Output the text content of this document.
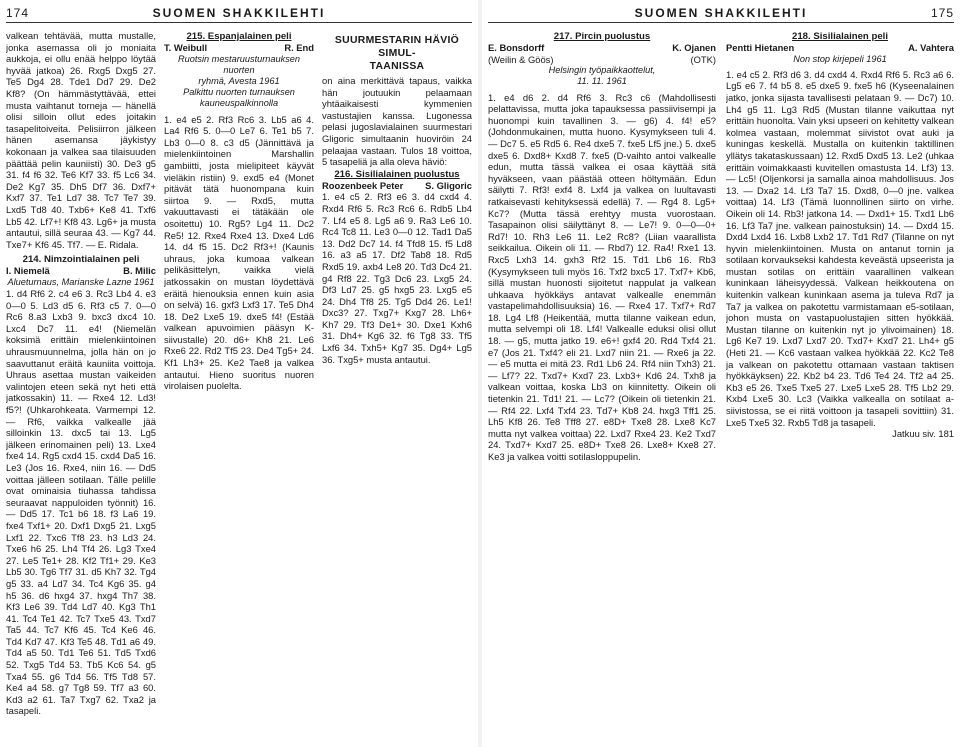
174	SUOMEN SHAKKILEHTI

valkean tehtävää, mutta mustalle, jonka asemassa oli jo moniaita aukkoja, ei ollu enää helppo löytää hyvää jatkoa) 26. Rxg5 Dxg5 27. Te5 Dg4 28. Tde1 Dd7 29. De2 Kf8? (On hämmästyttävää, ettei musta vaihtanut torneja — hänellä olisi silloin ollut edes joitakin tasapelitoiveita. Pelisiirron jälkeen hänen asemansa jäykistyy kokonaan ja valkea saa tilaisuuden päättää pelin kauniisti) 30. De3 g5 31. f4 f6 32. Te6 Kf7 33. f5 Lc6 34. De2 Kg7 35. Dh5 Df7 36. Dxf7+ Kxf7 37. Te1 Ld7 38. Tc7 Te7 39. Lxd5 Td8 40. Txb6+ Ke8 41. Txf6 Lb5 42. Lf7+! Kf8 43. Lg6+ ja musta antautui, sillä seuraa 43. — Kg7 44. Txe7+ Kf6 45. Tf7. — E. Ridala.

214. Nimzointialainen peli
I. Niemelä	B. Milic
Alueturnaus, Marianske Lazne 1961

1. d4 Rf6 2. c4 e6 3. Rc3 Lb4 4. e3 0—0 5. Ld3 d5 6. Rf3 c5 7. 0—0 Rc6 8.a3 Lxb3 9. bxc3 dxc4 10. Lxc4 Dc7 11. e4! (Niemelän koksimä erittäin mielenkiintoinen uhrausmuunnelma, jolla hän on jo saavuttanut eräitä kauniita voittoja. Uhraus asettaa mustan vaikeiden valintojen eteen sekä nyt heti että jatkossakin) 11. — Rxe4 12. Ld3! f5?! (Uhkarohkeata. Varmempi 12. — Rf6, vaikka valkealle jää silloinkin 13. dxc5 tai 13. Lg5 jälkeen erinomainen peli) 13. Lxe4 fxe4 14. Rg5 cxd4 15. cxd4 Da5 16. Le3 (Jos 16. Rxe4, niin 16. — Dd5 voittaa jälleen sotilaan. Tälle pelille ovat ominaisia tiuhassa tahdissa seuraavat nappuloiden työnnit) 16. — Dd5 17. Tc1 b6 18. f3 La6 19. fxe4 Txf1+ 20. Dxf1 Dxg5 21. Lxg5 Lxf1 22. Txc6 Tf8 23. h3 Ld3 24. Txe6 h6 25. Lh4 Tf4 26. Lg3 Txe4 27. Le5 Te1+ 28. Kf2 Tf1+ 29. Ke3 Lb5 30. Tg6 Tf7 31. d5 Kh7 32. Tg4 g5 33. a4 Ld7 34. Tc4 Kg6 35. g4 h5 36. d6 hxg4 37. hxg4 Th7 38. Kf3 Le6 39. Td4 Ld7 40. Kg3 Th1 41. Tc4 Te1 42. Tc7 Txe5 43. Txd7 Ta5 44. Tc7 Kf6 45. Tc4 Ke6 46. Td4 Kd7 47. Kf3 Te5 48. Td1 a6 49. Td4 a5 50. Td1 Te6 51. Td5 Txd6 52. Txg5 Td4 53. Tb5 Kc6 54. g5 Txa4 55. g6 Td4 56. Tf5 Td8 57. Ke4 a4 58. g7 Tg8 59. Tf7 a3 60. Kd3 a2 61. Ta7 Txg7 62. Txa2 ja tasapeli.

215. Espanjalainen peli
T. Weibull	R. End
Ruotsin mestaruusturnauksen nuorten
ryhmä, Avesta 1961
Palkittu nuorten turnauksen
kauneuspalkinnolla

1. e4 e5 2. Rf3 Rc6 3. Lb5 a6 4. La4 Rf6 5. 0—0 Le7 6. Te1 b5 7. Lb3 0—0 8. c3 d5 (Jännittävä ja mielenkiintoinen Marshallin gambiitti, josta mielipiteet käyvät vieläkin ristiin) 9. exd5 e4 (Monet pitävät tätä huonompana kuin siirtoa 9. — Rxd5, mutta vakuuttavasti ei tätäkään ole osoitettu) 10. Rg5? Lg4 11. Dc2 Re5! 12. Rxe4 Rxe4 13. Dxe4 Ld6 14. d4 f5 15. Dc2 Rf3+! (Kaunis uhraus, joka kumoaa valkean pelikäsittelyn, vaikka vielä jatkossakin on mustan löydettävä eräitä hienouksia ennen kuin asia on selvä) 16. gxf3 Lxf3 17. Te5 Dh4 18. De2 Lxe5 19. dxe5 f4! (Estää valkean apuvoimien pääsyn K-siivustalle) 20. d6+ Kh8 21. Le6 Rxe6 22. Rd2 Tf5 23. De4 Tg5+ 24. Kf1 Lh3+ 25. Ke2 Tae8 ja valkea antautui. Hieno suoritus nuoren virolaisen puolelta.

SUURMESTARIN HÄVIÖ SIMUL-
TAANISSA

on aina merkittävä tapaus, vaikka hän joutuukin pelaamaan yhtäaikaisesti kymmenien vastustajien kanssa. Lugonessa pelasi jugoslavialainen suurmestari Gligoric simultaanin huoviröin 24 pelaajaa vastaan. Tulos 18 voittoa, 5 tasapeliä ja alla oleva häviö:

216. Sisilialainen puolustus
Roozenbeek Peter S. Gligoric

1. e4 c5 2. Rf3 e6 3. d4 cxd4 4. Rxd4 Rf6 5. Rc3 Rc6 6. Rdb5 Lb4 7. Lf4 e5 8. Lg5 a6 9. Ra3 Le6 10. Rc4 Tc8 11. Le3 0—0 12. Tad1 Da5 13. Dd2 Dc7 14. f4 Tfd8 15. f5 Ld8 16. a3 a5 17. Df2 Tab8 18. Rd5 Rxd5 19. axb4 Le8 20. Td3 Dc4 21. g4 Rf8 22. Tg3 Dc6 23. Lxg5 24. Df3 Ld7 25. g5 hxg5 23. Lxg5 e5 24. Dh4 Tf8 25. Tg5 Dd4 26. Le1! Dxc3? 27. Txg7+ Kxg7 28. Lh6+ Kh7 29. Tf3 De1+ 30. Dxe1 Kxh6 31. Dh4+ Kg6 32. f6 Tg8 33. Tf5 Lxf6 34. Txh5+ Kg7 35. Dg4+ Lg5 36. Txg5+ musta antautui.

SUOMEN SHAKKILEHTI	175
217. Pircin puolustus
E. Bonsdorff	K. Ojanen
(Weilin & Göös)	(OTK)
Helsingin työpaikkaottelut,
11. 11. 1961

1. e4 d6 2. d4 Rf6 3. Rc3 c6 (Mahdollisesti pelattavissa, mutta joka tapauksessa passiivisempi ja huonompi kuin tavallinen 3. — g6) 4. f4! e5? (Johdonmukainen, mutta huono. Kysymykseen tuli 4. — Dc7 5. e5 Rd5 6. Re4 dxe5 7. fxe5 Lf5 jne.) 5. dxe5 dxe5 6. Dxd8+ Kxd8 7. fxe5 (D-vaihto antoi valkealle edun, mutta tässä valkea ei osaa käyttää sitä hyväkseen, vaan päästää otteen höltymään. Edun säilytti 7. Rf3! exf4 8. Lxf4 ja valkea on luultavasti ratkaisevasti kehityksessä edellä) 7. — Rg4 8. Lg5+ Kc7? (Mutta tässä erehtyy musta vuorostaan. Tasapainon olisi säilyttänyt 8. — Le7! 9. 0—0—0+ Rd7! 10. Rh3 Le6 11. Le2 Rc8? (Liian vaarallista seikkailua. Oikein oli 11. — Rbd7) 12. Ra4! Rxe1 13. Rxc5 Lxh3 14. gxh3 Rf2 15. Td1 Lb6 16. Rb3 (Kysymykseen tuli myös 16. Txf2 bxc5 17. Txf7+ Kb6, sillä mustan huonosti sijoitetut nappulat ja valkean uhkaava hyökkäys antavat valkealle enemmän vastapelimahdollisuuksia) 16. — Rxe4 17. Txf7+ Rd7 18. Lg4 Lf8 (Heikentää, mutta tilanne vaikean edun, mutta selvempi oli 18. Lf4! Valkealle eduksi olisi ollut 18. — g5, mutta jatko 19. e6+! gxf4 20. Rd4 Txf4 21. e7 (Jos 21. Txf4? eli 21. Lxd7 niin 21. — Rxe6 ja 22. — e5 mutta ei mitä 23. Rd1 Lb6 24. Rf4 niin Txh3) 21. — Lf7? 22. Txd7+ Kxd7 23. Lxb3+ Kd6 24. Txh8 ja valkean voittaa, koska Lb3 on kiinnitetty. Oikein oli tietenkin 21. Td1! 21. — Lc7? (Oikein oli tietenkin 21. — Rf4 22. Lxf4 Txf4 23. Td7+ Kb8 24. hxg3 Tff1 25. Lh5 Kf8 26. Te8 Tff8 27. e8D+ Txe8 28. Lxe8 Kc7 mutta nyt valkea voittaa) 22. Lxd7 Rxe4 23. Ke2 Txd7 24. Txd7+ Kxd7 25. e8D+ Txe8 26. Lxe8+ Kxe8 27. Ke3 ja valkea voitti sotilasloppupelin.

218. Sisilialainen peli
Pentti Hietanen	A. Vahtera
Non stop kirjepeli 1961

1. e4 c5 2. Rf3 d6 3. d4 cxd4 4. Rxd4 Rf6 5. Rc3 a6 6. Lg5 e6 7. f4 b5 8. e5 dxe5 9. fxe5 h6 (Kyseenalainen jatko, jonka sijasta tavallisesti pelataan 9. — Dc7) 10. Lh4 g5 11. Lg3 Rd5 (Mustan tilanne vaikuttaa nyt erittäin huonolta. Vain yksi upseeri on kehitetty valkean kolmea vastaan, molemmat siivistot ovat auki ja kuningas keskellä. Mustalla on kuitenkin taktillinen yllätys takataskussaan) 12. Rxd5 Dxd5 13. Le2 (uhkaa erittäin voimakkaasti kuvitellen omastusta 14. Lf3) 13. — Lc5! (Oljenkorsi ja samalla ainoa mahdollisuus. Jos 13. — Dxa2 14. Lf3 Ta7 15. Dxd8, 0—0 jne. valkea voittaa) 14. Lf3 (Tämä luonnollinen siirto on virhe. Oikein oli 14. Rb3! jatkona 14. — Dxd1+ 15. Txd1 Lb6 16. Lf3 Ta7 jne. valkean painostuksin) 14. — Dxd4 15. Dxd4 Lxd4 16. Lxb8 Lxb2 17. Td1 Rd7 (Tilanne on nyt hyvin mielenkiintoinen. Musta on antanut tornin ja sotilaan korvaukseksi kahdesta keveästä upseerista ja mustan sotilas on erittäin vaarallinen valkean kuninkaan läheisyydessä. Valkean heikkoutena on kuitenkin valkean kuninkaan asema ja tuleva Rd7 ja Ta7 ja valkea on pakotettu varmistamaan e5-sotilaan, johon musta on vastapuolustajien sitten hyökkää. Mustan tilanne on kuitenkin nyt jo ylivoimainen) 18. Lg6 Ke7 19. Lxd7 Lxd7 20. Txd7+ Kxd7 21. Lh4+ g5 (Heti 21. — Kc6 vastaan valkea hyökkää 22. Kc2 Te8 ja valkean on pakotettu ottamaan vastaan taktisen hyökkäyksen) 22. Kb2 b4 23. Td6 Te4 24. Tf2 a4 25. Kb3 e5 26. Txe5 Txe5 27. Lxe5 Lxe5 28. Tf5 Lb2 29. Kxb4 Lxe5 30. Lc3 (Vaikka valkealla on sotilaat a-siivistossa, se ei riitä voittoon ja tasapeli sovittiin) 31. Lxe5 Txe5 32. Rxb5 Td8 ja tasapeli.

Jatkuu siv. 181
